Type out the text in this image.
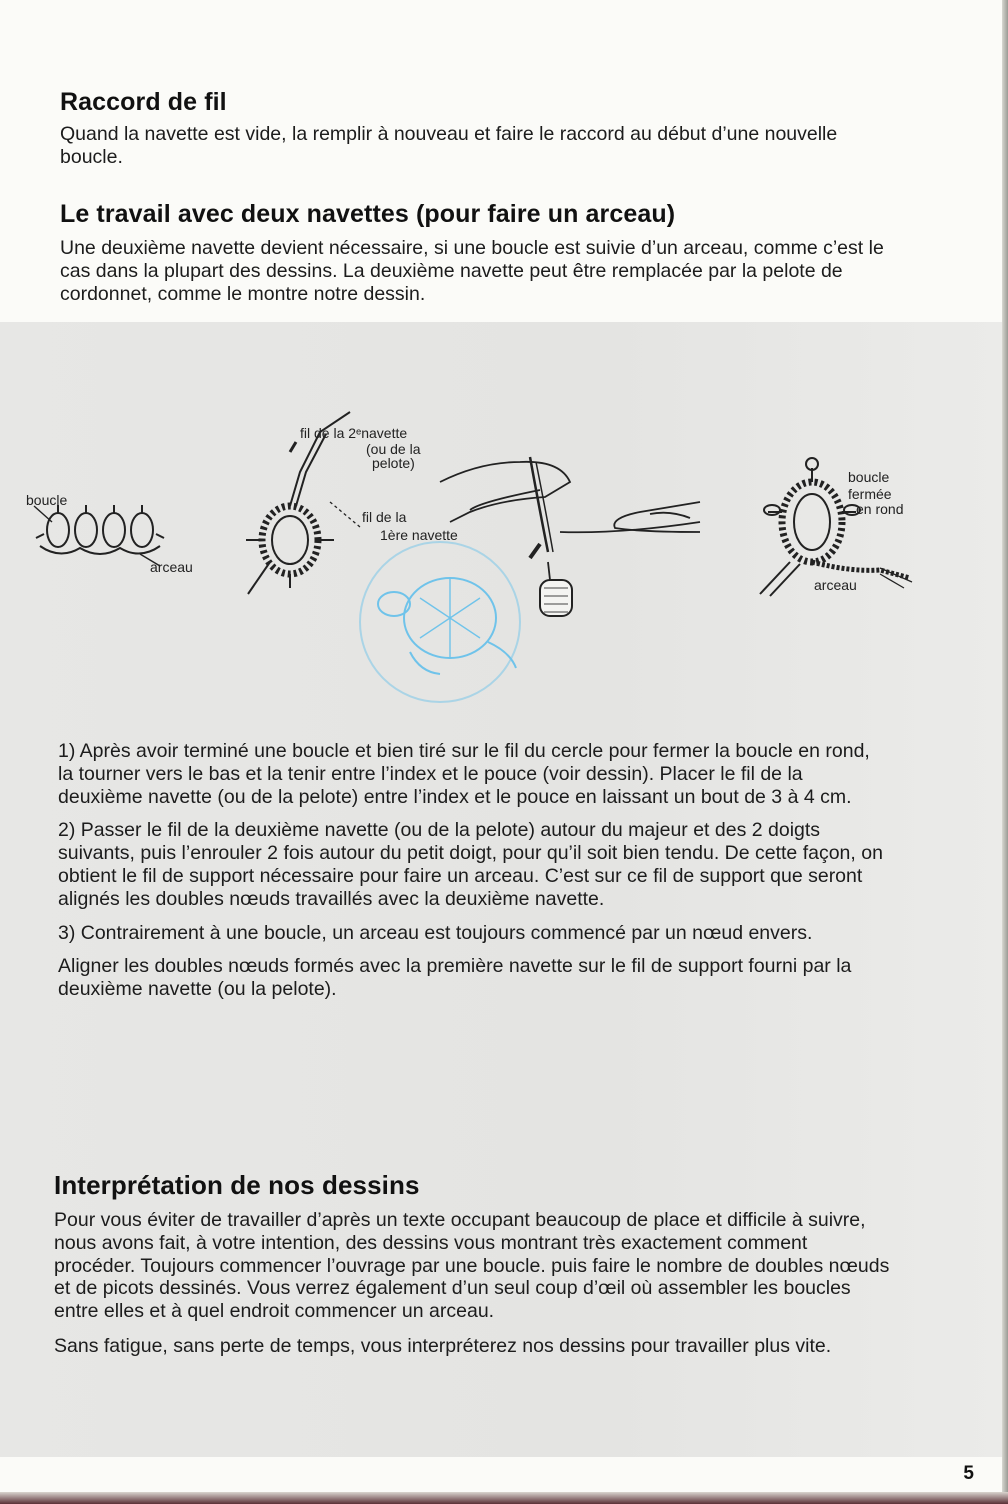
Raccord de fil

Quand la navette est vide, la remplir à nouveau et faire le raccord au début d’une nouvelle boucle.

Le travail avec deux navettes (pour faire un arceau)

Une deuxième navette devient nécessaire, si une boucle est suivie d’un arceau, comme c’est le cas dans la plupart des dessins. La deuxième navette peut être remplacée par la pelote de cordonnet, comme le montre notre dessin.

boucle
arceau
fil de la 2ᵉnavette
(ou de la
pelote)
fil de la
1ère navette
boucle
fermée
en rond
arceau

1) Après avoir terminé une boucle et bien tiré sur le fil du cercle pour fermer la boucle en rond, la tourner vers le bas et la tenir entre l’index et le pouce (voir dessin). Placer le fil de la deuxième navette (ou de la pelote) entre l’index et le pouce en laissant un bout de 3 à 4 cm.

2) Passer le fil de la deuxième navette (ou de la pelote) autour du majeur et des 2 doigts suivants, puis l’enrouler 2 fois autour du petit doigt, pour qu’il soit bien tendu. De cette façon, on obtient le fil de support nécessaire pour faire un arceau. C’est sur ce fil de support que seront alignés les doubles nœuds travaillés avec la deuxième navette.

3) Contrairement à une boucle, un arceau est toujours commencé par un nœud envers.

Aligner les doubles nœuds formés avec la première navette sur le fil de support fourni par la deuxième navette (ou la pelote).

Interprétation de nos dessins

Pour vous éviter de travailler d’après un texte occupant beaucoup de place et difficile à suivre, nous avons fait, à votre intention, des dessins vous montrant très exactement comment procéder. Toujours commencer l’ouvrage par une boucle. puis faire le nombre de doubles nœuds et de picots dessinés. Vous verrez également d’un seul coup d’œil où assembler les boucles entre elles et à quel endroit commencer un arceau.

Sans fatigue, sans perte de temps, vous interpréterez nos dessins pour travailler plus vite.

5
